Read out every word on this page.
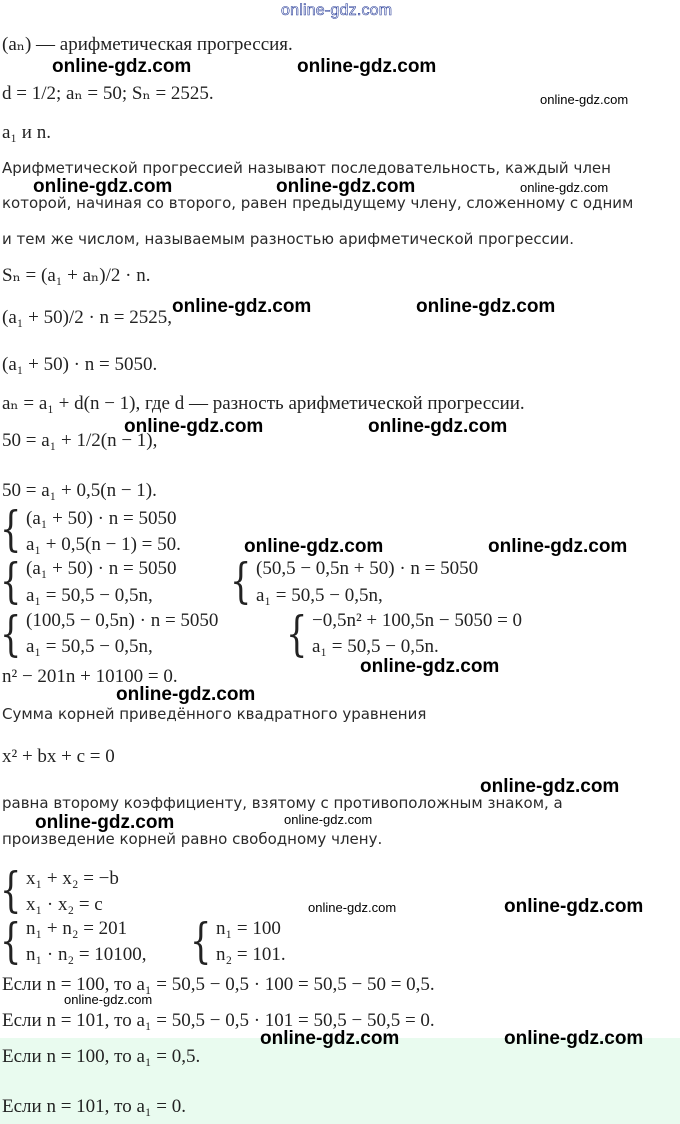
online-gdz.com
(aₙ) — арифметическая прогрессия.
d = 1/2; aₙ = 50; Sₙ = 2525.
a₁ и n.
Арифметической прогрессией называют последовательность, каждый член
которой, начиная со второго, равен предыдущему члену, сложенному с одним
и тем же числом, называемым разностью арифметической прогрессии.
Sₙ = (a₁ + aₙ)/2 · n.
(a₁ + 50)/2 · n = 2525,
(a₁ + 50) · n = 5050.
aₙ = a₁ + d(n − 1), где d — разность арифметической прогрессии.
50 = a₁ + 1/2(n − 1),
50 = a₁ + 0,5(n − 1).
{ (a₁ + 50) · n = 5050
a₁ + 0,5(n − 1) = 50.
{ (a₁ + 50) · n = 5050
a₁ = 50,5 − 0,5n, { (50,5 − 0,5n + 50) · n = 5050
a₁ = 50,5 − 0,5n,
{ (100,5 − 0,5n) · n = 5050
a₁ = 50,5 − 0,5n,	{ −0,5n² + 100,5n − 5050 = 0
a₁ = 50,5 − 0,5n.
n² − 201n + 10100 = 0.
Сумма корней приведённого квадратного уравнения
x² + bx + c = 0
равна второму коэффициенту, взятому с противоположным знаком, а
произведение корней равно свободному члену.
{ x₁ + x₂ = −b
x₁ · x₂ = c
{ n₁ + n₂ = 201
n₁ · n₂ = 10100, { n₁ = 100
n₂ = 101.
Если n = 100, то a₁ = 50,5 − 0,5 · 100 = 50,5 − 50 = 0,5.
Если n = 101, то a₁ = 50,5 − 0,5 · 101 = 50,5 − 50,5 = 0.
Если n = 100, то a₁ = 0,5.
Если n = 101, то a₁ = 0.
online-gdz.com	online-gdz.com
online-gdz.com	online-gdz.com
online-gdz.com	online-gdz.com
online-gdz.com	online-gdz.com
online-gdz.com	online-gdz.com
online-gdz.com
online-gdz.com
online-gdz.com
online-gdz.com
online-gdz.com
online-gdz.com	online-gdz.com
online-gdz.com
online-gdz.com
online-gdz.com
online-gdz.com
online-gdz.com
